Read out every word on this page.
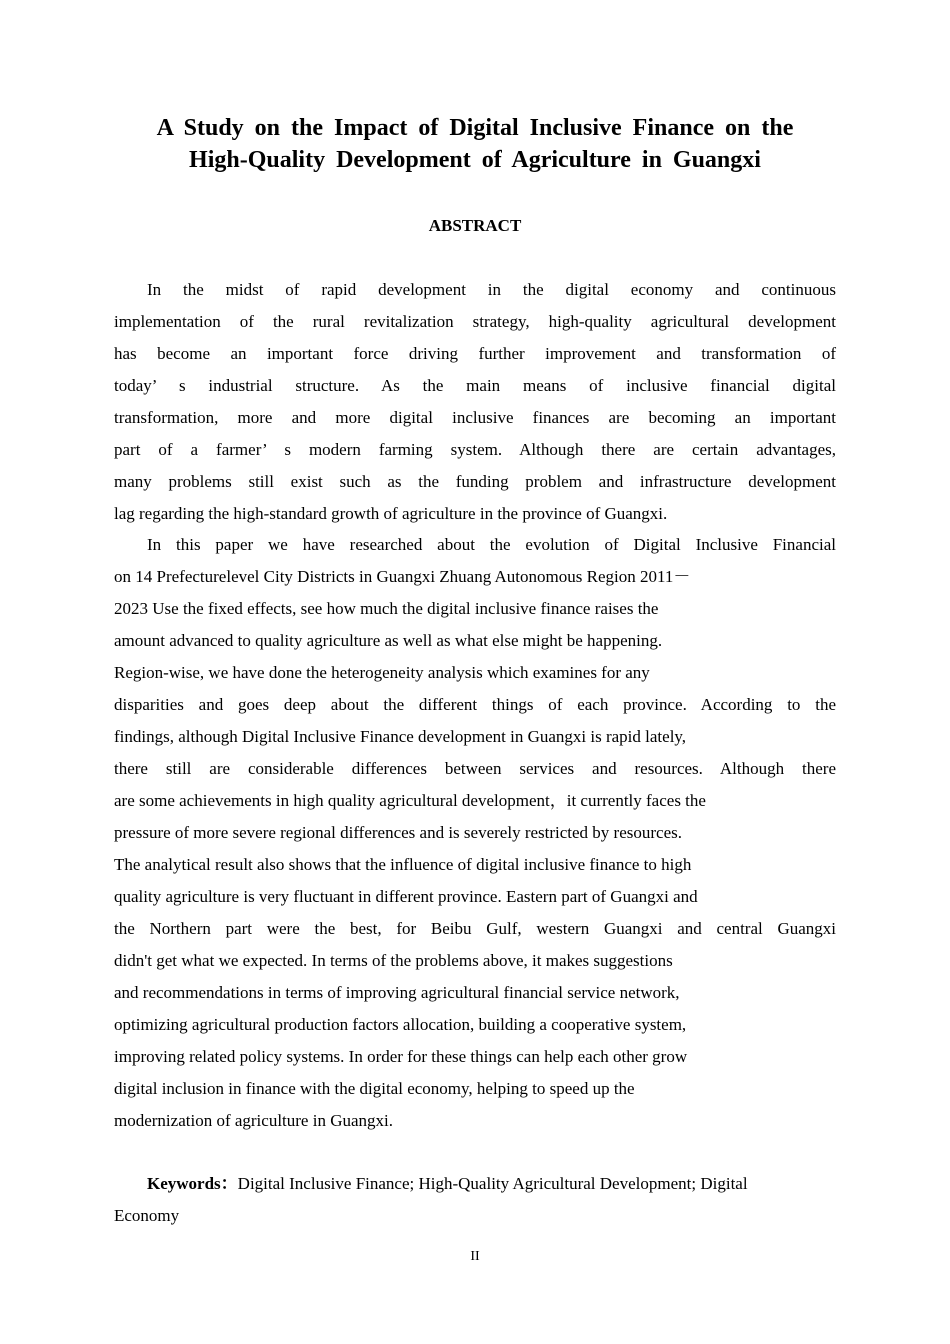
A Study on the Impact of Digital Inclusive Finance on the
High-Quality Development of Agriculture in Guangxi
ABSTRACT
In the midst of rapid development in the digital economy and continuous
implementation of the rural revitalization strategy, high-quality agricultural development
has become an important force driving further improvement and transformation of
today’ s industrial structure. As the main means of inclusive financial digital
transformation, more and more digital inclusive finances are becoming an important
part of a farmer’ s modern farming system. Although there are certain advantages,
many problems still exist such as the funding problem and infrastructure development
lag regarding the high-standard growth of agriculture in the province of Guangxi.
In this paper we have researched about the evolution of Digital Inclusive Financial
on 14 Prefecturelevel City Districts in Guangxi Zhuang Autonomous Region 2011－
2023 Use the fixed effects, see how much the digital inclusive finance raises the
amount advanced to quality agriculture as well as what else might be happening.
Region-wise, we have done the heterogeneity analysis which examines for any
disparities and goes deep about the different things of each province. According to the
findings, although Digital Inclusive Finance development in Guangxi is rapid lately,
there still are considerable differences between services and resources. Although there
are some achievements in high quality agricultural development，it currently faces the
pressure of more severe regional differences and is severely restricted by resources.
The analytical result also shows that the influence of digital inclusive finance to high
quality agriculture is very fluctuant in different province. Eastern part of Guangxi and
the Northern part were the best, for Beibu Gulf, western Guangxi and central Guangxi
didn't get what we expected. In terms of the problems above, it makes suggestions
and recommendations in terms of improving agricultural financial service network,
optimizing agricultural production factors allocation, building a cooperative system,
improving related policy systems. In order for these things can help each other grow
digital inclusion in finance with the digital economy, helping to speed up the
modernization of agriculture in Guangxi.
Keywords：Digital Inclusive Finance; High-Quality Agricultural Development; Digital
Economy
II
